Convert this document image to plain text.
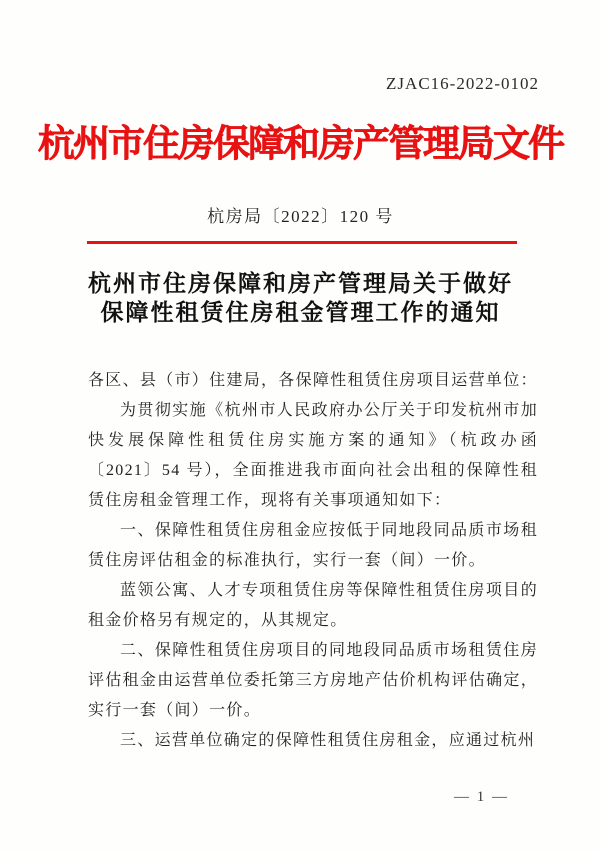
ZJAC16-2022-0102
杭州市住房保障和房产管理局文件
杭房局〔2022〕120 号
杭州市住房保障和房产管理局关于做好
保障性租赁住房租金管理工作的通知

各区、县（市）住建局，各保障性租赁住房项目运营单位：

为贯彻实施《杭州市人民政府办公厅关于印发杭州市加快发展保障性租赁住房实施方案的通知》（杭政办函〔2021〕54 号），全面推进我市面向社会出租的保障性租赁住房租金管理工作，现将有关事项通知如下：

一、保障性租赁住房租金应按低于同地段同品质市场租赁住房评估租金的标准执行，实行一套（间）一价。

蓝领公寓、人才专项租赁住房等保障性租赁住房项目的租金价格另有规定的，从其规定。

二、保障性租赁住房项目的同地段同品质市场租赁住房评估租金由运营单位委托第三方房地产估价机构评估确定，实行一套（间）一价。

三、运营单位确定的保障性租赁住房租金，应通过杭州

— 1 —
